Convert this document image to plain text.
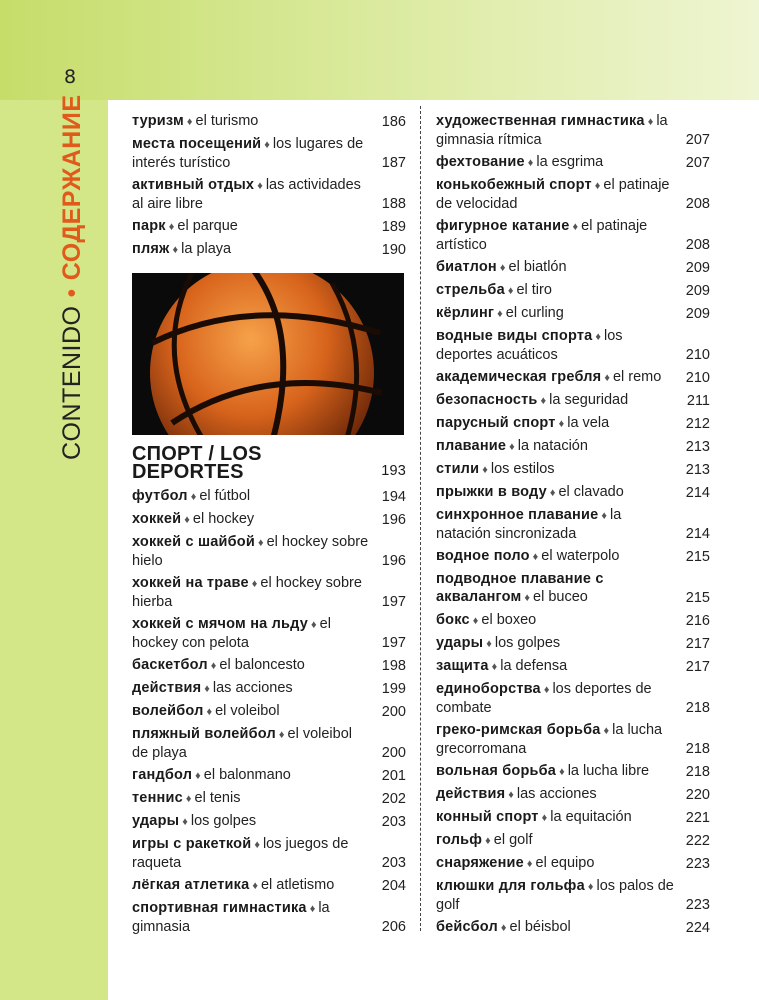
8
CONTENIDO•СОДЕРЖАНИЕ	туризм ♦ el turismo	186
места посещений ♦ los lugares de interés turístico	187
активный отдых ♦ las actividades al aire libre	188
парк ♦ el parque	189
пляж ♦ la playa	190
СПОРТ / LOS DEPORTES	193
футбол ♦ el fútbol	194
хоккей ♦ el hockey	196
хоккей с шайбой ♦ el hockey sobre hielo	196
хоккей на траве ♦ el hockey sobre hierba	197
хоккей с мячом на льду ♦ el hockey con pelota	197
баскетбол ♦ el baloncesto	198
действия ♦ las acciones	199
волейбол ♦ el voleibol	200
пляжный волейбол ♦ el voleibol de playa	200
гандбол ♦ el balonmano	201
теннис ♦ el tenis	202
удары ♦ los golpes	203
игры с ракеткой ♦ los juegos de raqueta	203
лёгкая атлетика ♦ el atletismo	204
спортивная гимнастика ♦ la gimnasia	206
художественная гимнастика ♦ la gimnasia rítmica	207
фехтование ♦ la esgrima	207
конькобежный спорт ♦ el patinaje de velocidad	208
фигурное катание ♦ el patinaje artístico	208
биатлон ♦ el biatlón	209
стрельба ♦ el tiro	209
кёрлинг ♦ el curling	209
водные виды спорта ♦ los deportes acuáticos	210
академическая гребля ♦ el remo 210
безопасность ♦ la seguridad	211
парусный спорт ♦ la vela	212
плавание ♦ la natación	213
стили ♦ los estilos	213
прыжки в воду ♦ el clavado	214
синхронное плавание ♦ la natación sincronizada	214
водное поло ♦ el waterpolo	215
подводное плавание с аквалангом ♦ el buceo	215
бокс ♦ el boxeo	216
удары ♦ los golpes	217
защита ♦ la defensa	217
единоборства ♦ los deportes de combate	218
греко-римская борьба ♦ la lucha grecorromana	218
вольная борьба ♦ la lucha libre	218
действия ♦ las acciones	220
конный спорт ♦ la equitación	221
гольф ♦ el golf	222
снаряжение ♦ el equipo	223
клюшки для гольфа ♦ los palos de golf	223
бейсбол ♦ el béisbol	224
